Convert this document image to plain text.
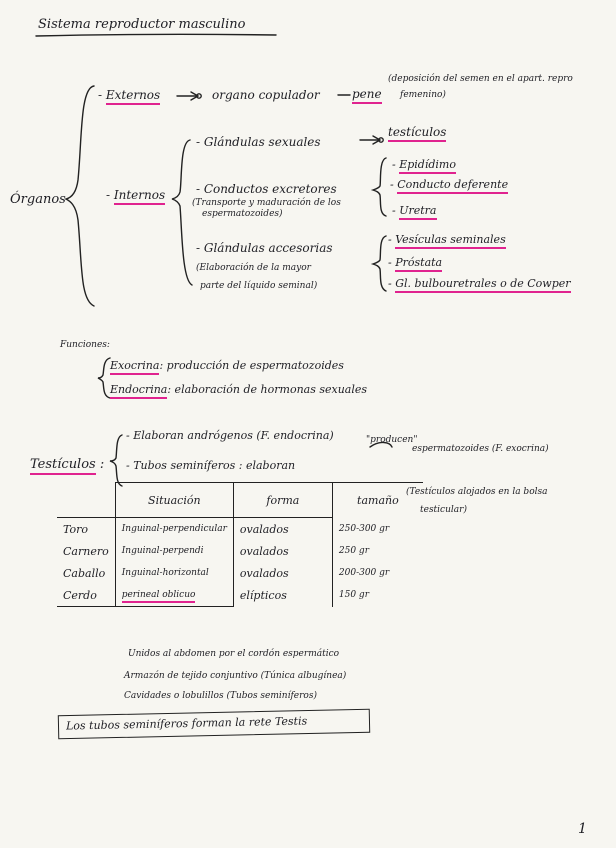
Sistema reproductor masculino
Órganos
- Externos	organo copulador	pene
(deposición del semen en el apart. repro
femenino)
- Internos
- Glándulas sexuales
testículos
- Conductos excretores
(Transporte y maduración de los
espermatozoides)
- Epidídimo
- Conducto deferente
- Uretra
- Glándulas accesorias
(Elaboración de la mayor
parte del líquido seminal)
- Vesículas seminales
- Próstata
- Gl. bulbouretrales o de Cowper
Funciones:
Exocrina: producción de espermatozoides
Endocrina: elaboración de hormonas sexuales
Testículos :
- Elaboran andrógenos (F. endocrina)
- Tubos seminíferos : elaboran
"producen"
espermatozoides (F. exocrina)
(Testículos alojados en la bolsa
testicular)
	Situación	forma	tamaño
Toro	Inguinal-perpendicular	ovalados	250-300 gr
Carnero	Inguinal-perpendi	ovalados	250 gr
Caballo	Inguinal-horizontal	ovalados	200-300 gr
Cerdo	perineal oblicuo	elípticos	150 gr
Unidos al abdomen por el cordón espermático
Armazón de tejido conjuntivo (Túnica albugínea)
Cavidades o lobulillos (Tubos seminíferos)
Los tubos seminíferos forman la rete Testis
1
